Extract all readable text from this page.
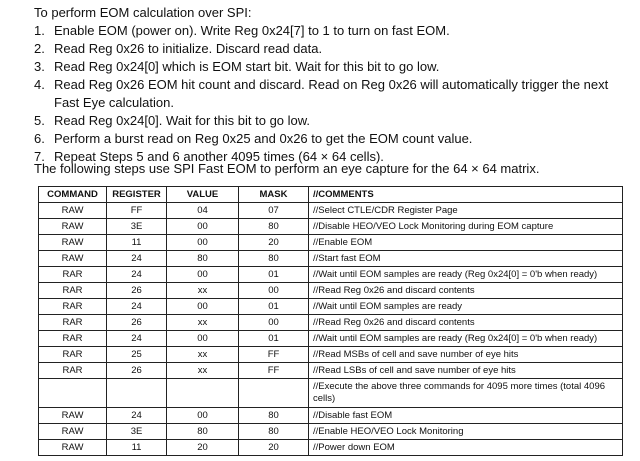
To perform EOM calculation over SPI:
1. Enable EOM (power on). Write Reg 0x24[7] to 1 to turn on fast EOM.
2. Read Reg 0x26 to initialize. Discard read data.
3. Read Reg 0x24[0] which is EOM start bit. Wait for this bit to go low.
4. Read Reg 0x26 EOM hit count and discard. Read on Reg 0x26 will automatically trigger the next Fast Eye calculation.
5. Read Reg 0x24[0]. Wait for this bit to go low.
6. Perform a burst read on Reg 0x25 and 0x26 to get the EOM count value.
7. Repeat Steps 5 and 6 another 4095 times (64 × 64 cells).
The following steps use SPI Fast EOM to perform an eye capture for the 64 × 64 matrix.
COMMAND	REGISTER	VALUE	MASK	//COMMENTS
RAW	FF	04	07	//Select CTLE/CDR Register Page
RAW	3E	00	80	//Disable HEO/VEO Lock Monitoring during EOM capture
RAW	11	00	20	//Enable EOM
RAW	24	80	80	//Start fast EOM
RAR	24	00	01	//Wait until EOM samples are ready (Reg 0x24[0] = 0'b when ready)
RAR	26	xx	00	//Read Reg 0x26 and discard contents
RAR	24	00	01	//Wait until EOM samples are ready
RAR	26	xx	00	//Read Reg 0x26 and discard contents
RAR	24	00	01	//Wait until EOM samples are ready (Reg 0x24[0] = 0'b when ready)
RAR	25	xx	FF	//Read MSBs of cell and save number of eye hits
RAR	26	xx	FF	//Read LSBs of cell and save number of eye hits
				//Execute the above three commands for 4095 more times (total 4096 cells)
RAW	24	00	80	//Disable fast EOM
RAW	3E	80	80	//Enable HEO/VEO Lock Monitoring
RAW	11	20	20	//Power down EOM
